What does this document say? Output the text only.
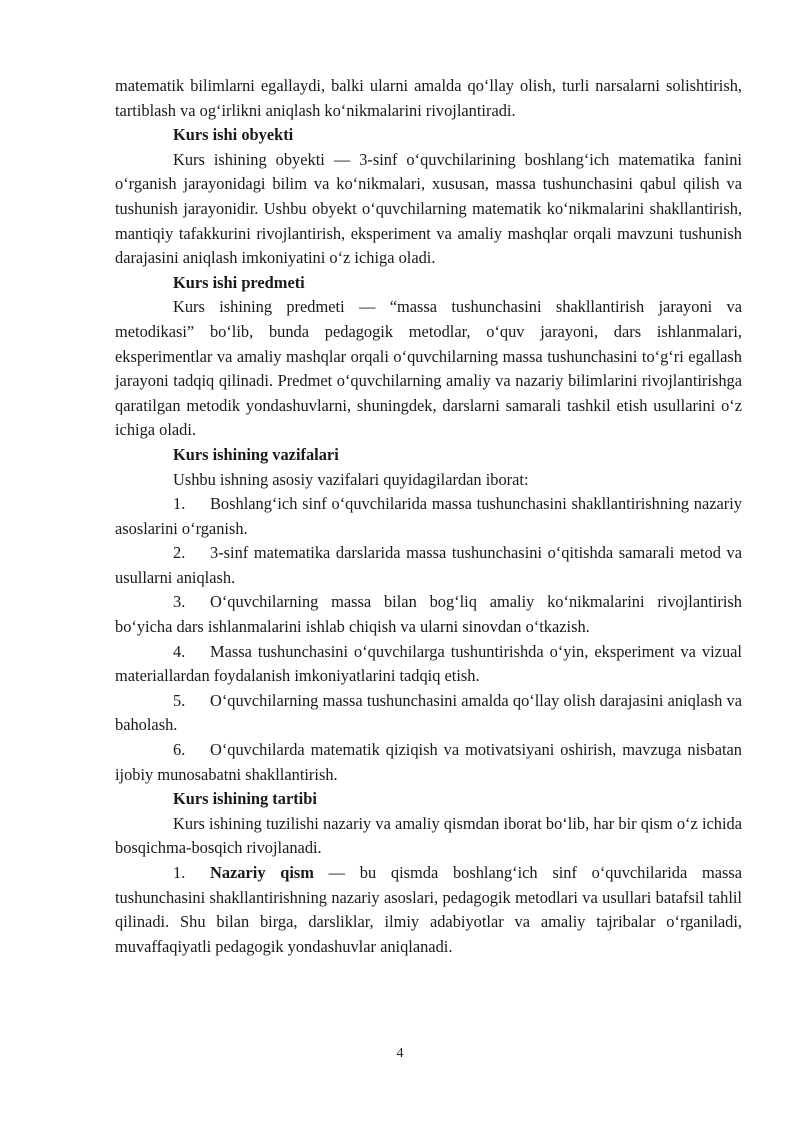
matematik bilimlarni egallaydi, balki ularni amalda qo‘llay olish, turli narsalarni solishtirish, tartiblash va og‘irlikni aniqlash ko‘nikmalarini rivojlantiradi.

Kurs ishi obyekti

Kurs ishining obyekti — 3-sinf o‘quvchilarining boshlang‘ich matematika fanini o‘rganish jarayonidagi bilim va ko‘nikmalari, xususan, massa tushunchasini qabul qilish va tushunish jarayonidir. Ushbu obyekt o‘quvchilarning matematik ko‘nikmalarini shakllantirish, mantiqiy tafakkurini rivojlantirish, eksperiment va amaliy mashqlar orqali mavzuni tushunish darajasini aniqlash imkoniyatini o‘z ichiga oladi.

Kurs ishi predmeti

Kurs ishining predmeti — “massa tushunchasini shakllantirish jarayoni va metodikasi” bo‘lib, bunda pedagogik metodlar, o‘quv jarayoni, dars ishlanmalari, eksperimentlar va amaliy mashqlar orqali o‘quvchilarning massa tushunchasini to‘g‘ri egallash jarayoni tadqiq qilinadi. Predmet o‘quvchilarning amaliy va nazariy bilimlarini rivojlantirishga qaratilgan metodik yondashuvlarni, shuningdek, darslarni samarali tashkil etish usullarini o‘z ichiga oladi.

Kurs ishining vazifalari

Ushbu ishning asosiy vazifalari quyidagilardan iborat:

1. Boshlang‘ich sinf o‘quvchilarida massa tushunchasini shakllantirishning nazariy asoslarini o‘rganish.

2. 3-sinf matematika darslarida massa tushunchasini o‘qitishda samarali metod va usullarni aniqlash.

3. O‘quvchilarning massa bilan bog‘liq amaliy ko‘nikmalarini rivojlantirish bo‘yicha dars ishlanmalarini ishlab chiqish va ularni sinovdan o‘tkazish.

4. Massa tushunchasini o‘quvchilarga tushuntirishda o‘yin, eksperiment va vizual materiallardan foydalanish imkoniyatlarini tadqiq etish.

5. O‘quvchilarning massa tushunchasini amalda qo‘llay olish darajasini aniqlash va baholash.

6. O‘quvchilarda matematik qiziqish va motivatsiyani oshirish, mavzuga nisbatan ijobiy munosabatni shakllantirish.

Kurs ishining tartibi

Kurs ishining tuzilishi nazariy va amaliy qismdan iborat bo‘lib, har bir qism o‘z ichida bosqichma-bosqich rivojlanadi.

1. Nazariy qism — bu qismda boshlang‘ich sinf o‘quvchilarida massa tushunchasini shakllantirishning nazariy asoslari, pedagogik metodlari va usullari batafsil tahlil qilinadi. Shu bilan birga, darsliklar, ilmiy adabiyotlar va amaliy tajribalar o‘rganiladi, muvaffaqiyatli pedagogik yondashuvlar aniqlanadi.

4
